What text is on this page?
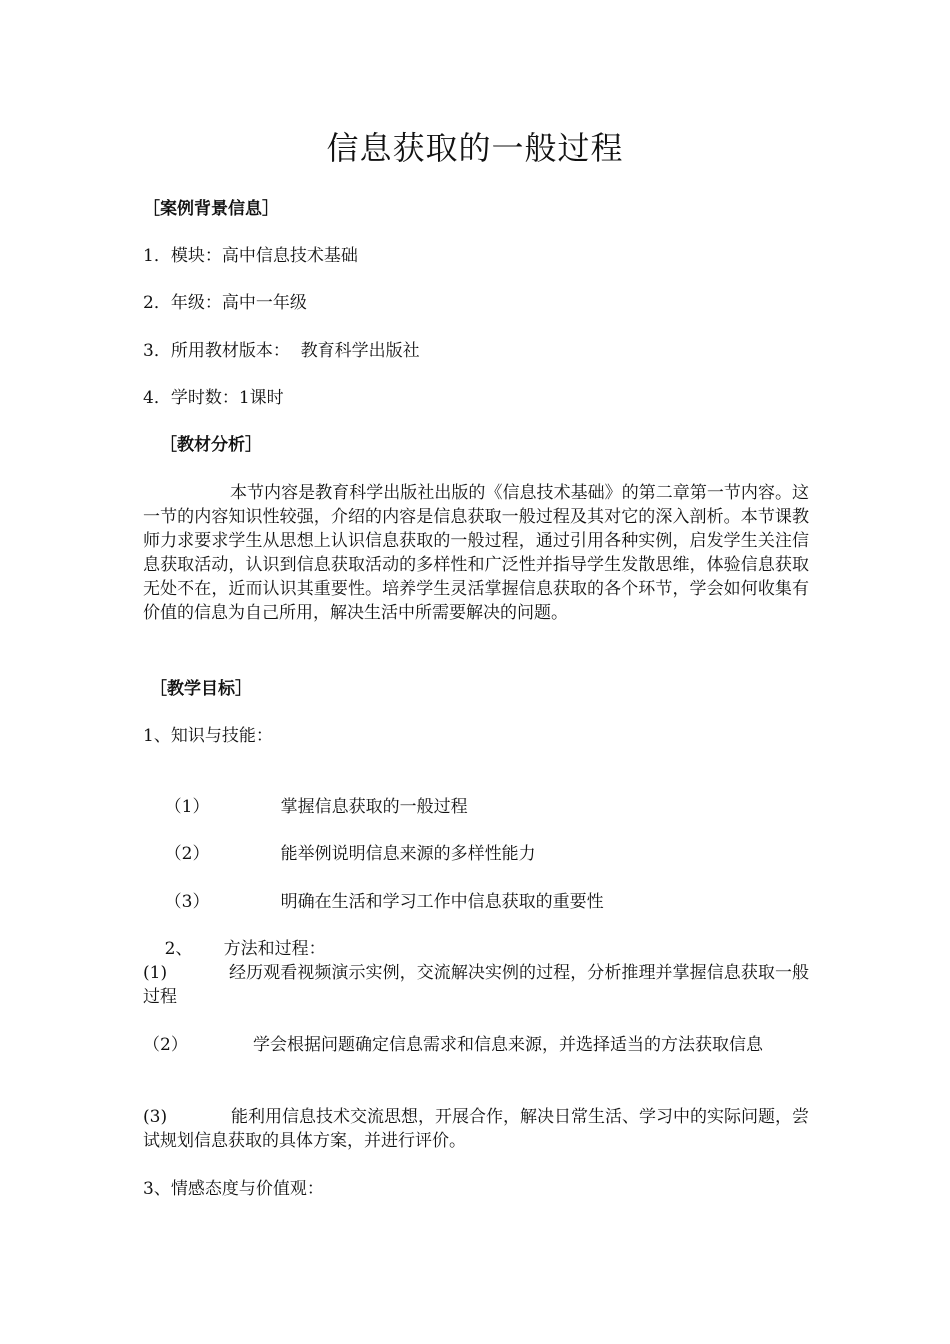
信息获取的一般过程
［案例背景信息］
1．模块：高中信息技术基础
2．年级：高中一年级
3．所用教材版本：  教育科学出版社
4．学时数：1课时
［教材分析］
本节内容是教育科学出版社出版的《信息技术基础》的第二章第一节内容。这一节的内容知识性较强，介绍的内容是信息获取一般过程及其对它的深入剖析。本节课教师力求要求学生从思想上认识信息获取的一般过程，通过引用各种实例，启发学生关注信息获取活动，认识到信息获取活动的多样性和广泛性并指导学生发散思维，体验信息获取无处不在，近而认识其重要性。培养学生灵活掌握信息获取的各个环节，学会如何收集有价值的信息为自己所用，解决生活中所需要解决的问题。
［教学目标］
1、知识与技能：

（1）	掌握信息获取的一般过程

（2）	能举例说明信息来源的多样性能力

（3）	明确在生活和学习工作中信息获取的重要性

2、 方法和过程：

(1)	经历观看视频演示实例，交流解决实例的过程，分析推理并掌握信息获取一般过程
（2）	学会根据问题确定信息需求和信息来源，并选择适当的方法获取信息
(3)	能利用信息技术交流思想，开展合作，解决日常生活、学习中的实际问题，尝试规划信息获取的具体方案，并进行评价。
3、情感态度与价值观：
